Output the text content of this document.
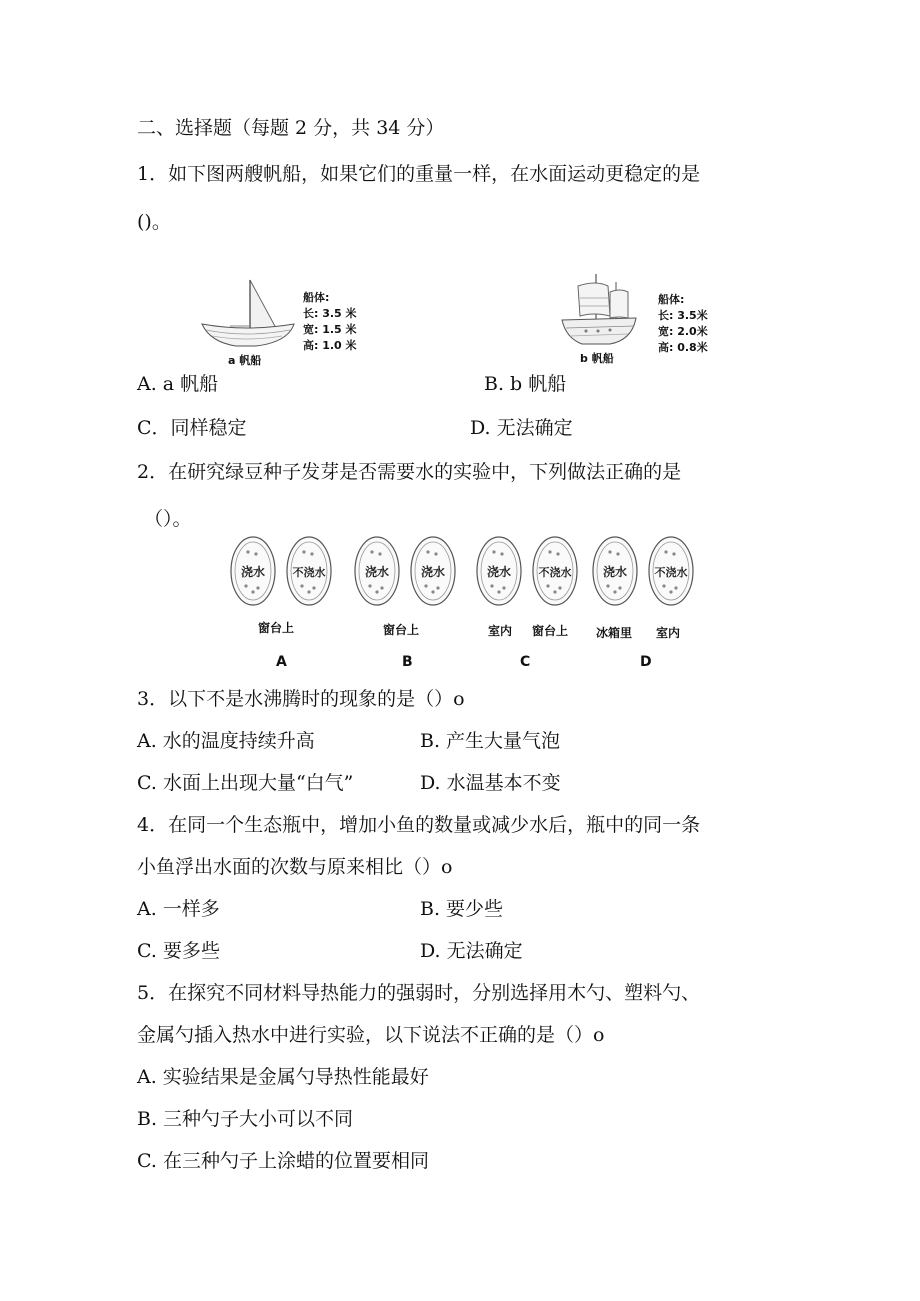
二、选择题（每题 2 分，共 34 分）
1．如下图两艘帆船，如果它们的重量一样，在水面运动更稳定的是
()。
a 帆船
船体:
长: 3.5 米
宽: 1.5 米
高: 1.0 米
b 帆船
船体:
长: 3.5米
宽: 2.0米
高: 0.8米
A. a 帆船	B. b 帆船
C．同样稳定	D. 无法确定
2．在研究绿豆种子发芽是否需要水的实验中，下列做法正确的是
（）。
浇水 不浇水	浇水	浇水	浇水 不浇水	浇水 不浇水
窗台上	窗台上	室内 窗台上 冰箱里 室内
A	B	C	D
3．以下不是水沸腾时的现象的是（）o
A. 水的温度持续升高	B. 产生大量气泡
C. 水面上出现大量“白气”	D. 水温基本不变
4．在同一个生态瓶中，增加小鱼的数量或减少水后，瓶中的同一条
小鱼浮出水面的次数与原来相比（）o
A. 一样多	B. 要少些
C. 要多些	D. 无法确定
5．在探究不同材料导热能力的强弱时，分别选择用木勺、塑料勺、
金属勺插入热水中进行实验，以下说法不正确的是（）o
A. 实验结果是金属勺导热性能最好
B. 三种勺子大小可以不同
C. 在三种勺子上涂蜡的位置要相同
